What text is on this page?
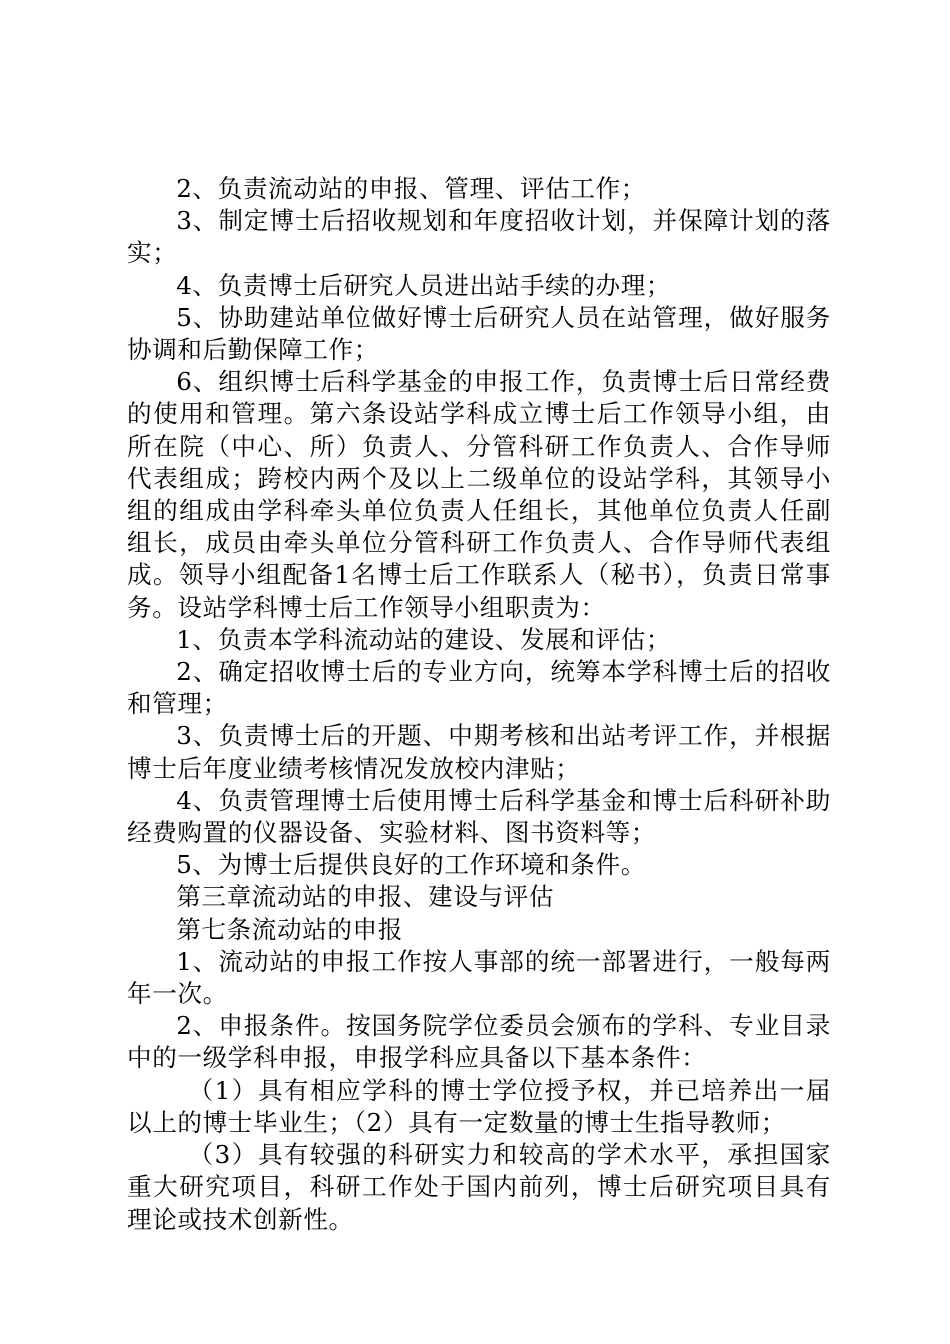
2、负责流动站的申报、管理、评估工作；

3、制定博士后招收规划和年度招收计划，并保障计划的落实；

4、负责博士后研究人员进出站手续的办理；

5、协助建站单位做好博士后研究人员在站管理，做好服务协调和后勤保障工作；

6、组织博士后科学基金的申报工作，负责博士后日常经费的使用和管理。第六条设站学科成立博士后工作领导小组，由所在院（中心、所）负责人、分管科研工作负责人、合作导师代表组成；跨校内两个及以上二级单位的设站学科，其领导小组的组成由学科牵头单位负责人任组长，其他单位负责人任副组长，成员由牵头单位分管科研工作负责人、合作导师代表组成。领导小组配备1名博士后工作联系人（秘书），负责日常事务。设站学科博士后工作领导小组职责为：

1、负责本学科流动站的建设、发展和评估；

2、确定招收博士后的专业方向，统筹本学科博士后的招收和管理；

3、负责博士后的开题、中期考核和出站考评工作，并根据博士后年度业绩考核情况发放校内津贴；

4、负责管理博士后使用博士后科学基金和博士后科研补助经费购置的仪器设备、实验材料、图书资料等；

5、为博士后提供良好的工作环境和条件。

第三章流动站的申报、建设与评估

第七条流动站的申报

1、流动站的申报工作按人事部的统一部署进行，一般每两年一次。

2、申报条件。按国务院学位委员会颁布的学科、专业目录中的一级学科申报，申报学科应具备以下基本条件：

（1）具有相应学科的博士学位授予权，并已培养出一届以上的博士毕业生；（2）具有一定数量的博士生指导教师；

（3）具有较强的科研实力和较高的学术水平，承担国家重大研究项目，科研工作处于国内前列，博士后研究项目具有理论或技术创新性。
